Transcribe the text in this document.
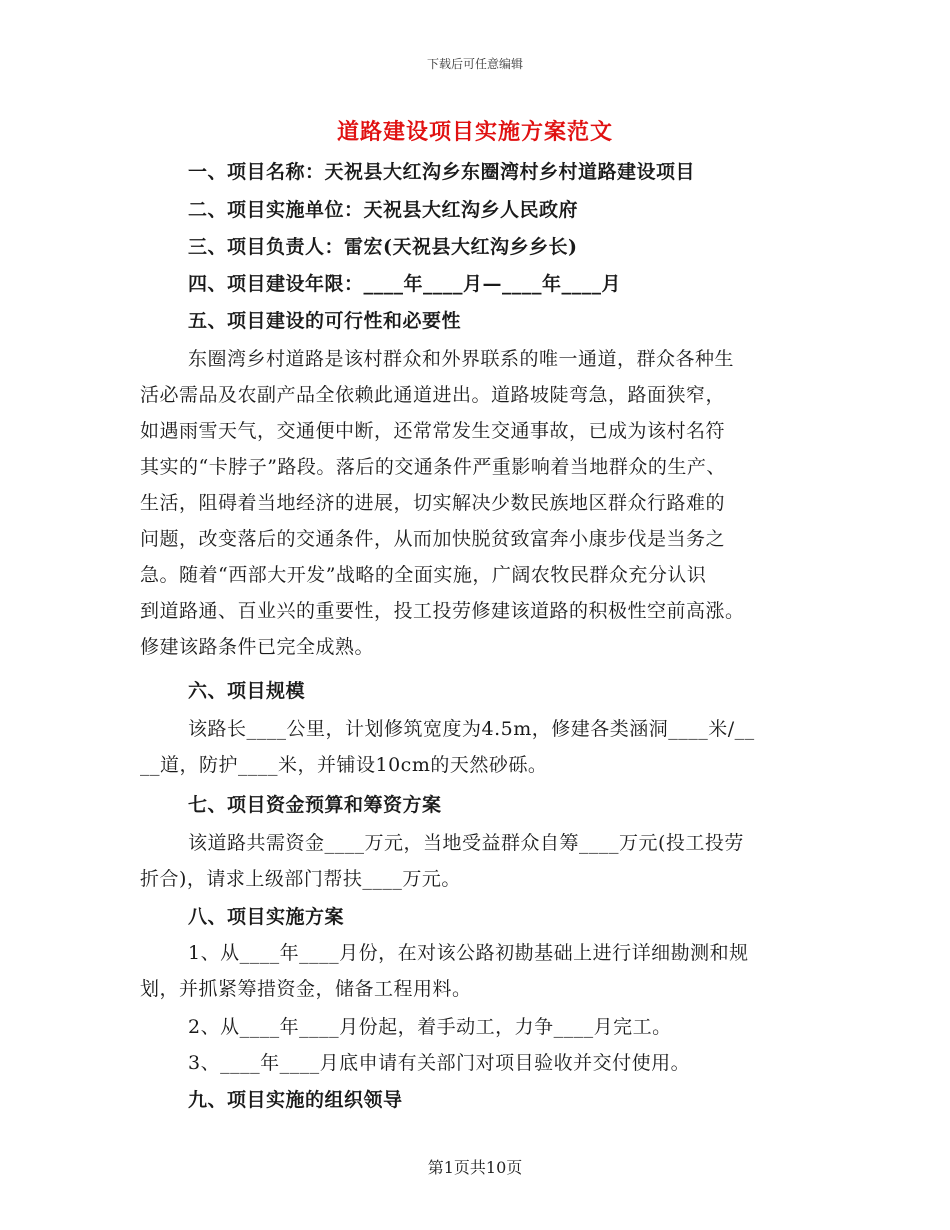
下载后可任意编辑
道路建设项目实施方案范文
一、项目名称：天祝县大红沟乡东圈湾村乡村道路建设项目
二、项目实施单位：天祝县大红沟乡人民政府
三、项目负责人：雷宏(天祝县大红沟乡乡长)
四、项目建设年限：____年____月—____年____月
五、项目建设的可行性和必要性
东圈湾乡村道路是该村群众和外界联系的唯一通道，群众各种生
活必需品及农副产品全依赖此通道进出。道路坡陡弯急，路面狭窄，
如遇雨雪天气，交通便中断，还常常发生交通事故，已成为该村名符
其实的“卡脖子”路段。落后的交通条件严重影响着当地群众的生产、
生活，阻碍着当地经济的进展，切实解决少数民族地区群众行路难的
问题，改变落后的交通条件，从而加快脱贫致富奔小康步伐是当务之
急。随着“西部大开发”战略的全面实施，广阔农牧民群众充分认识
到道路通、百业兴的重要性，投工投劳修建该道路的积极性空前高涨。
修建该路条件已完全成熟。
六、项目规模
该路长____公里，计划修筑宽度为4.5m，修建各类涵洞____米/__
__道，防护____米，并铺设10cm的天然砂砾。
七、项目资金预算和筹资方案
该道路共需资金____万元，当地受益群众自筹____万元(投工投劳
折合)，请求上级部门帮扶____万元。
八、项目实施方案
1、从____年____月份，在对该公路初勘基础上进行详细勘测和规
划，并抓紧筹措资金，储备工程用料。
2、从____年____月份起，着手动工，力争____月完工。
3、____年____月底申请有关部门对项目验收并交付使用。
九、项目实施的组织领导
第1页共10页
